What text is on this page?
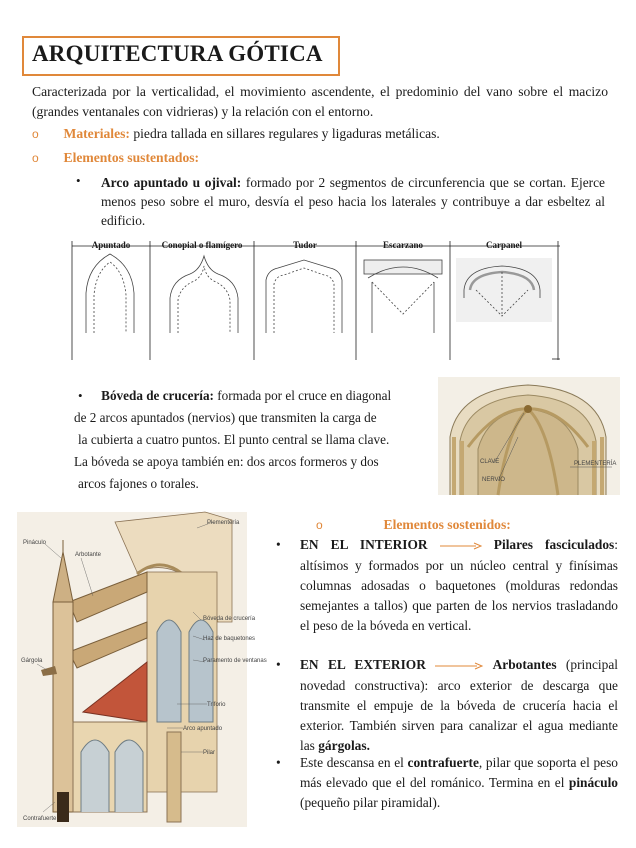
ARQUITECTURA GÓTICA
Caracterizada por la verticalidad, el movimiento ascendente, el predominio del vano sobre el macizo (grandes ventanales con vidrieras) y la relación con el entorno.
o Materiales: piedra tallada en sillares regulares y ligaduras metálicas.
o Elementos sustentados:
• Arco apuntado u ojival: formado por 2 segmentos de circunferencia que se cortan. Ejerce menos peso sobre el muro, desvía el peso hacia los laterales y contribuye a dar esbeltez al edificio.
Apuntado	Conopial o flamígero	Tudor	Escarzano	Carpanel
• Bóveda de crucería: formada por el cruce en diagonal
de 2 arcos apuntados (nervios) que transmiten la carga de
la cubierta a cuatro puntos. El punto central se llama clave.
La bóveda se apoya también en: dos arcos formeros y dos
arcos fajones o torales.
CLAVE
NERVIO
PLEMENTERÍA
Plementería
Pináculo
Arbotante
Bóveda de crucería
Haz de baquetones
Paramento de ventanas
Triforio
Gárgola
Arco apuntado
Pilar
Contrafuerte
o	Elementos sostenidos:
• EN EL INTERIOR	Pilares fasciculados: altísimos y formados por un núcleo central y finísimas columnas adosadas o baquetones (molduras redondas semejantes a tallos) que parten de los nervios trasladando el peso de la bóveda en vertical.
• EN EL EXTERIOR	Arbotantes (principal novedad constructiva): arco exterior de descarga que transmite el empuje de la bóveda de crucería hacia el exterior. También sirven para canalizar el agua mediante las gárgolas.
• Este descansa en el contrafuerte, pilar que soporta el peso más elevado que el del románico. Termina en el pináculo (pequeño pilar piramidal).
